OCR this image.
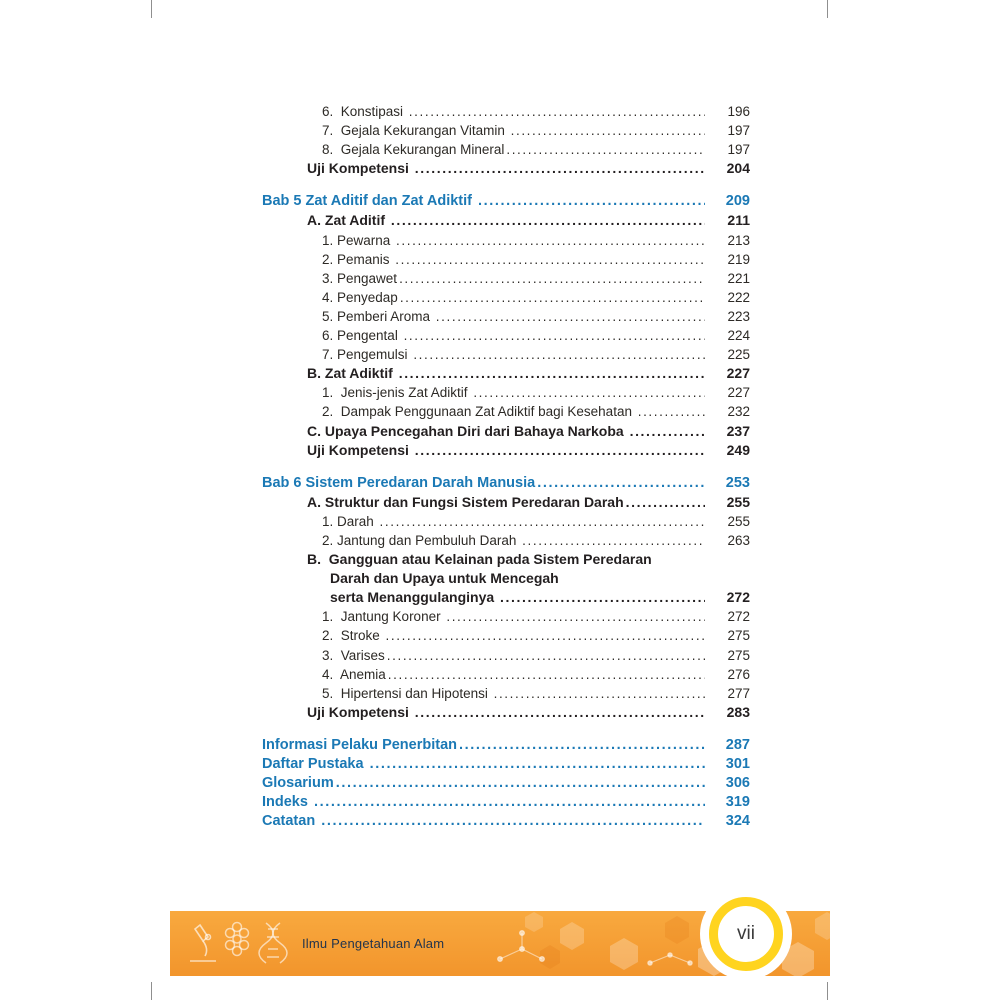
6.  Konstipasi .....	196
7.  Gejala Kekurangan Vitamin .....	197
8.  Gejala Kekurangan Mineral .....	197
Uji Kompetensi .....	204
Bab 5 Zat Aditif dan Zat Adiktif .....	209
A. Zat Aditif .....	211
1. Pewarna .....	213
2. Pemanis .....	219
3. Pengawet .....	221
4. Penyedap .....	222
5. Pemberi Aroma .....	223
6. Pengental .....	224
7. Pengemulsi .....	225
B. Zat Adiktif .....	227
1.  Jenis-jenis Zat Adiktif .....	227
2.  Dampak Penggunaan Zat Adiktif bagi Kesehatan .....	232
C. Upaya Pencegahan Diri dari Bahaya Narkoba .....	237
Uji Kompetensi .....	249
Bab 6 Sistem Peredaran Darah Manusia .....	253
A. Struktur dan Fungsi Sistem Peredaran Darah .....	255
1. Darah .....	255
2. Jantung dan Pembuluh Darah .....	263
B.  Gangguan atau Kelainan pada Sistem Peredaran
Darah dan Upaya untuk Mencegah
serta Menanggulanginya .....	272
1.  Jantung Koroner .....	272
2.  Stroke .....	275
3.  Varises .....	275
4.  Anemia .....	276
5.  Hipertensi dan Hipotensi .....	277
Uji Kompetensi .....	283
Informasi Pelaku Penerbitan .....	287
Daftar Pustaka .....	301
Glosarium .....	306
Indeks .....	319
Catatan .....	324
Ilmu Pengetahuan Alam	vii
